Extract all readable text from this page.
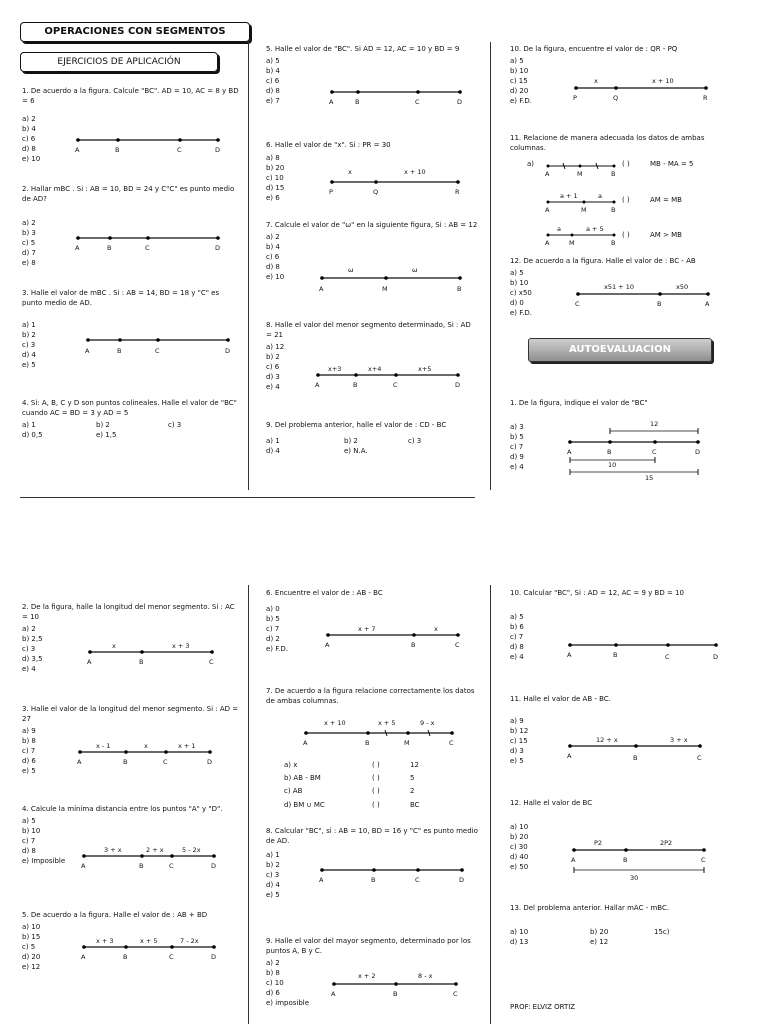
OPERACIONES CON SEGMENTOS
EJERCICIOS DE APLICACIÓN
1. De acuerdo a la figura. Calcule "BC". AD = 10, AC = 8 y BD = 6
a) 2
b) 4
c) 6
d) 8
e) 10
A	B	C	D
A	B	C	D
A	B	C	D
A	B	C	D
x	x + 10
P	Q	R
ω	ω
A	M	B
x+3	x+4	x+5
A	B	C	D
x	x + 10
P	Q	R
A	M	B
a + 1	a
A	M	B
a	a + 5
A	M	B
x51 + 10	x50
C	B	A
12
A	B	C	D
10
15
x	x + 3
A	B	C
x - 1	x	x + 1
A	B	C	D
3 + x	2 + x	5 - 2x
A	B	C	D
x + 3	x + 5	7 - 2x
A	B	C	D
x + 7	x
A	B	C
x + 10	x + 5	9 - x
A	B	M	C
A	B	C	D
x + 2	8 - x
A	B	C
A	B	C	D
12 + x	3 + x
A	B	C
P2	2P2
A	B	C
30
2. Hallar mBC . Si : AB = 10, BD = 24 y C"C" es punto medio de AD?
a) 2
b) 3
c) 5
d) 7
e) 8
3. Halle el valor de mBC . Si : AB = 14, BD = 18 y "C" es punto medio de AD.
a) 1
b) 2
c) 3
d) 4
e) 5
4. Si: A, B, C y D son puntos colineales. Halle el valor de "BC" cuando AC = BD = 3 y AD = 5
a) 1	b) 2	c) 3
d) 0,5	e) 1,5
5. Halle el valor de "BC". Si AD = 12, AC = 10 y BD = 9
a) 5
b) 4
c) 6
d) 8
e) 7
6. Halle el valor de "x". Si : PR = 30
a) 8
b) 20
c) 10
d) 15
e) 6
7. Calcule el valor de "ω" en la siguiente figura, Si : AB = 12
a) 2
b) 4
c) 6
d) 8
e) 10
8. Halle el valor del menor segmento determinado, Si : AD = 21
a) 12
b) 2
c) 6
d) 3
e) 4
9. Del problema anterior, halle el valor de : CD - BC
a) 1	b) 2	c) 3
d) 4	e) N.A.
10. De la figura, encuentre el valor de : QR - PQ
a) 5
b) 10
c) 15
d) 20
e) F.D.
11. Relacione de manera adecuada los datos de ambas columnas.
a)	( )	MB - MA = 5
( )	AM = MB
( )	AM > MB
12. De acuerdo a la figura. Halle el valor de : BC - AB
a) 5
b) 10
c) x50
d) 0
e) F.D.
AUTOEVALUACION
1. De la figura, indique el valor de "BC"
a) 3
b) 5
c) 7
d) 9
e) 4
2. De la figura, halle la longitud del menor segmento. Si : AC = 10
a) 2
b) 2,5
c) 3
d) 3,5
e) 4
3. Halle el valor de la longitud del menor segmento. Si : AD = 27
a) 9
b) 8
c) 7
d) 6
e) 5
4. Calcule la mínima distancia entre los puntos "A" y "D".
a) 5
b) 10
c) 7
d) 8
e) Imposible
5. De acuerdo a la figura. Halle el valor de : AB + BD
a) 10
b) 15
c) 5
d) 20
e) 12
6. Encuentre el valor de : AB - BC
a) 0
b) 5
c) 7
d) 2
e) F.D.
7. De acuerdo a la figura relacione correctamente los datos de ambas columnas.
a) x	( )	12
b) AB - BM	( )	5
c) AB	( )	2
d) BM ∪ MC	( )	BC
8. Calcular "BC", si : AB = 10, BD = 16 y "C" es punto medio de AD.
a) 1
b) 2
c) 3
d) 4
e) 5
9. Halle el valor del mayor segmento, determinado por los puntos A, B y C.
a) 2
b) 8
c) 10
d) 6
e) imposible
10. Calcular "BC", Si : AD = 12, AC = 9 y BD = 10
a) 5
b) 6
c) 7
d) 8
e) 4
11. Halle el valor de AB - BC.
a) 9
b) 12
c) 15
d) 3
e) 5
12. Halle el valor de BC
a) 10
b) 20
c) 30
d) 40
e) 50
13. Del problema anterior. Hallar mAC - mBC.
a) 10	b) 20	15c)
d) 13	e) 12
PROF: ELVIZ ORTIZ
